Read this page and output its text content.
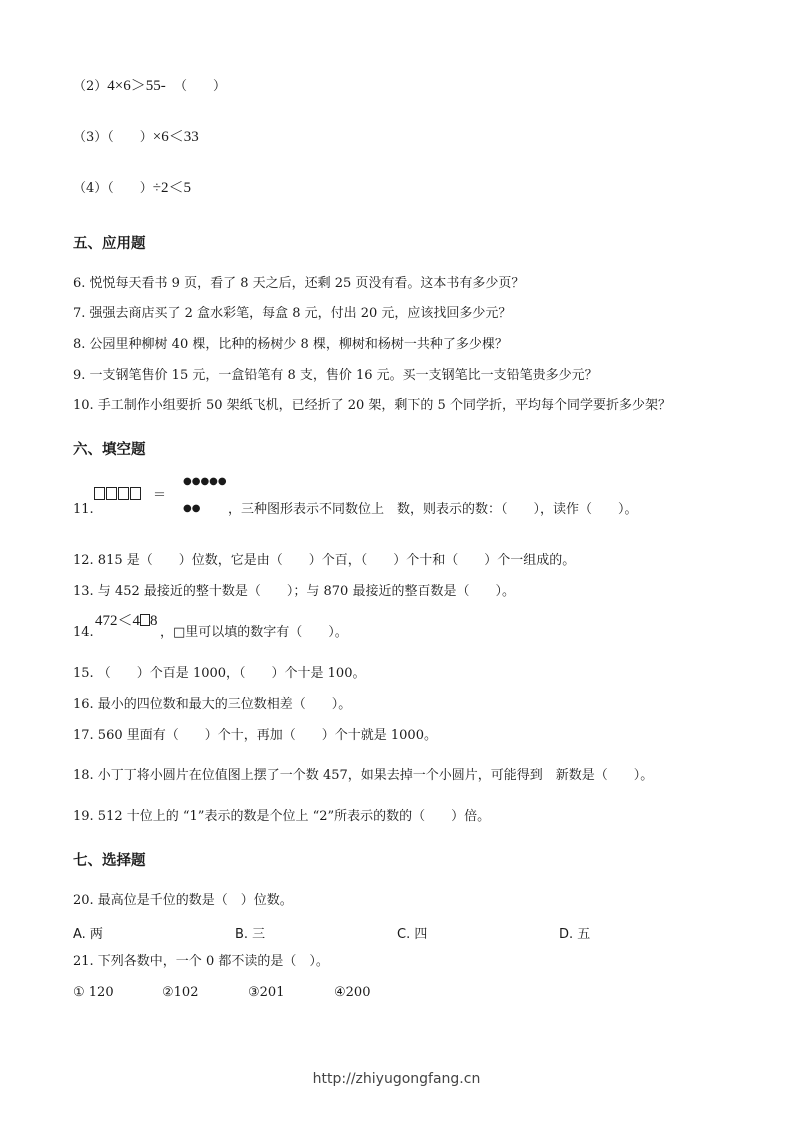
（2）4×6＞55- （　　）
（3）（　　）×6＜33
（4）（　　）÷2＜5
五、应用题
6. 悦悦每天看书 9 页，看了 8 天之后，还剩 25 页没有看。这本书有多少页？
7. 强强去商店买了 2 盒水彩笔，每盒 8 元，付出 20 元，应该找回多少元？
8. 公园里种柳树 40 棵，比种的杨树少 8 棵，柳树和杨树一共种了多少棵？
9. 一支钢笔售价 15 元，一盒铅笔有 8 支，售价 16 元。买一支钢笔比一支铅笔贵多少元？
10. 手工制作小组要折 50 架纸飞机，已经折了 20 架，剩下的 5 个同学折，平均每个同学要折多少架？
六、填空题
11.
＝
●●●●●
●● ，三种图形表示不同数位上　数，则表示的数：（　　），读作（　　）。
12. 815 是（　　）位数，它是由（　　）个百，（　　）个十和（　　）个一组成的。
13. 与 452 最接近的整十数是（　　）；与 870 最接近的整百数是（　　）。
14.
472＜4 8
，□里可以填的数字有（　　）。
15. （　　）个百是 1000，（　　）个十是 100。
16. 最小的四位数和最大的三位数相差（　　）。
17. 560 里面有（　　）个十，再加（　　）个十就是 1000。
18. 小丁丁将小圆片在位值图上摆了一个数 457，如果去掉一个小圆片，可能得到　新数是（　　）。
19. 512 十位上的 “1”表示的数是个位上 “2”所表示的数的（　　）倍。
七、选择题
20. 最高位是千位的数是（　）位数。
A. 两	B. 三	C. 四	D. 五
21. 下列各数中，一个 0 都不读的是（　）。
① 120	②102	③201	④200
http://zhiyugongfang.cn
